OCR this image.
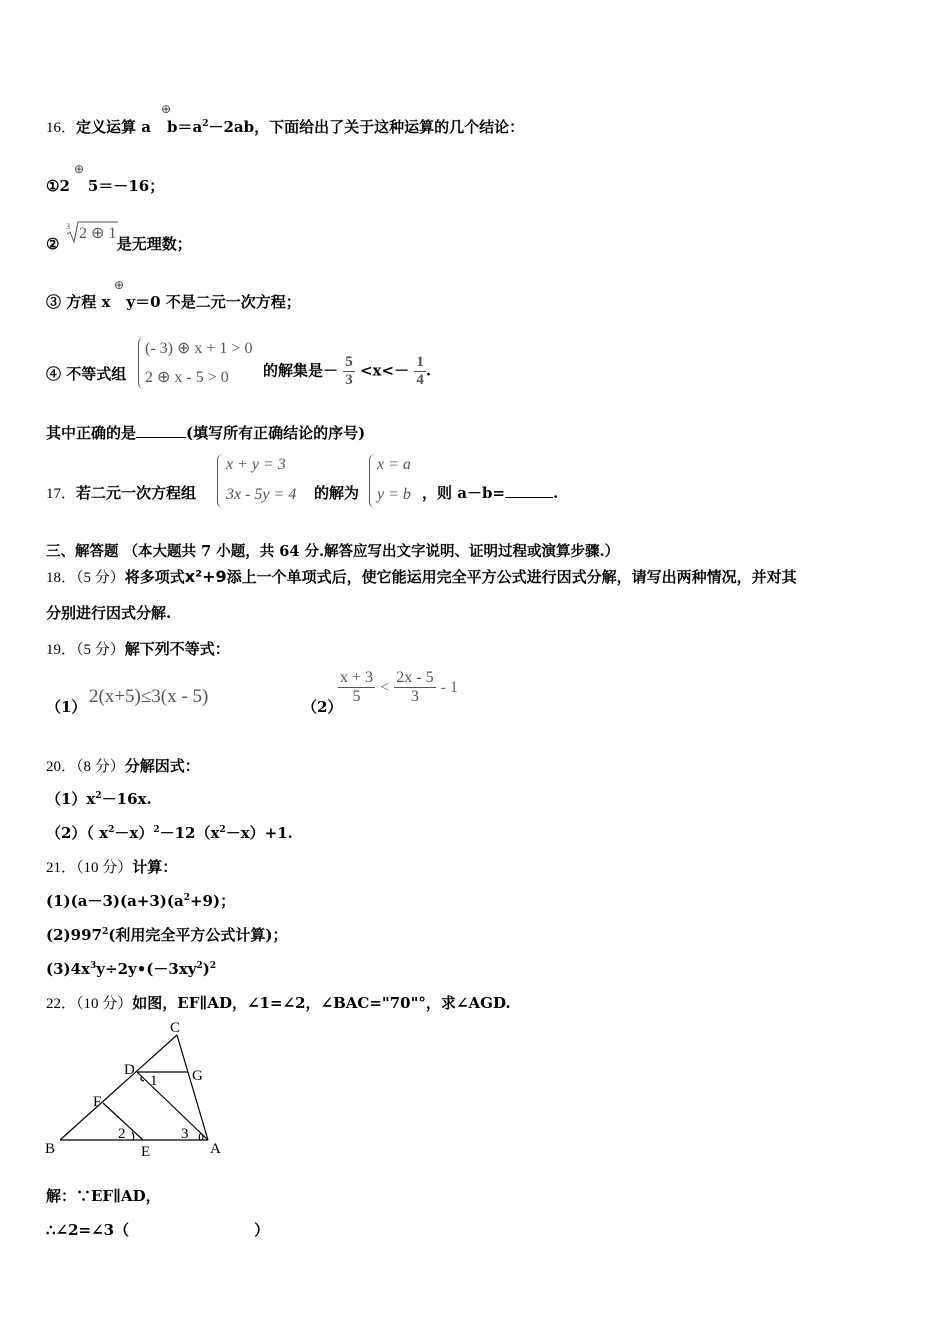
16．定义运算 a $b=a^2-2ab$，下面给出了关于这种运算的几个结论：
⊕
①2 5＝－16；
⊕
②	是无理数；
3 2 ⊕ 1
③ 方程 x y＝0 不是二元一次方程；
⊕
④ 不等式组
(- 3) ⊕ x + 1 > 0
2 ⊕ x - 5 > 0 的解集是－ $\frac{5}{3} <x<- \frac{1}{4}$ .
其中正确的是	(填写所有正确结论的序号)
17．若二元一次方程组
x + y = 3
3x - 5y = 4 的解为
x = a
y = b ，则 a－b=	.
三、解答题 （本大题共 7 小题，共 64 分.解答应写出文字说明、证明过程或演算步骤.）
18．（5 分）将多项式x²+9添上一个单项式后，使它能运用完全平方公式进行因式分解，请写出两种情况，并对其
分别进行因式分解.
19．（5 分）解下列不等式：
（1） 2(x+5)≤3(x - 5)	（2）
$\frac{x + 3}{5} < \frac{2x - 5}{3} - 1$
20．（8 分）分解因式：
$(1)x^2-16x$.
（2）（ $x^2-x)^2-12(x^2-x)+1$.
21．（10 分）计算：
$(1)(a-3)(a+3)(a^2+9)$；
$(2)997^2$(利用完全平方公式计算)；
$(3)4x^3y\div 2y•(-3xy^2)^2$
22．（10 分）如图，EF∥AD，∠1=∠2，∠BAC="70"°，求∠AGD.
C
D	G
F
B	E	A
1
2	3
解：∵EF∥AD，
∴∠2=∠3（	）
